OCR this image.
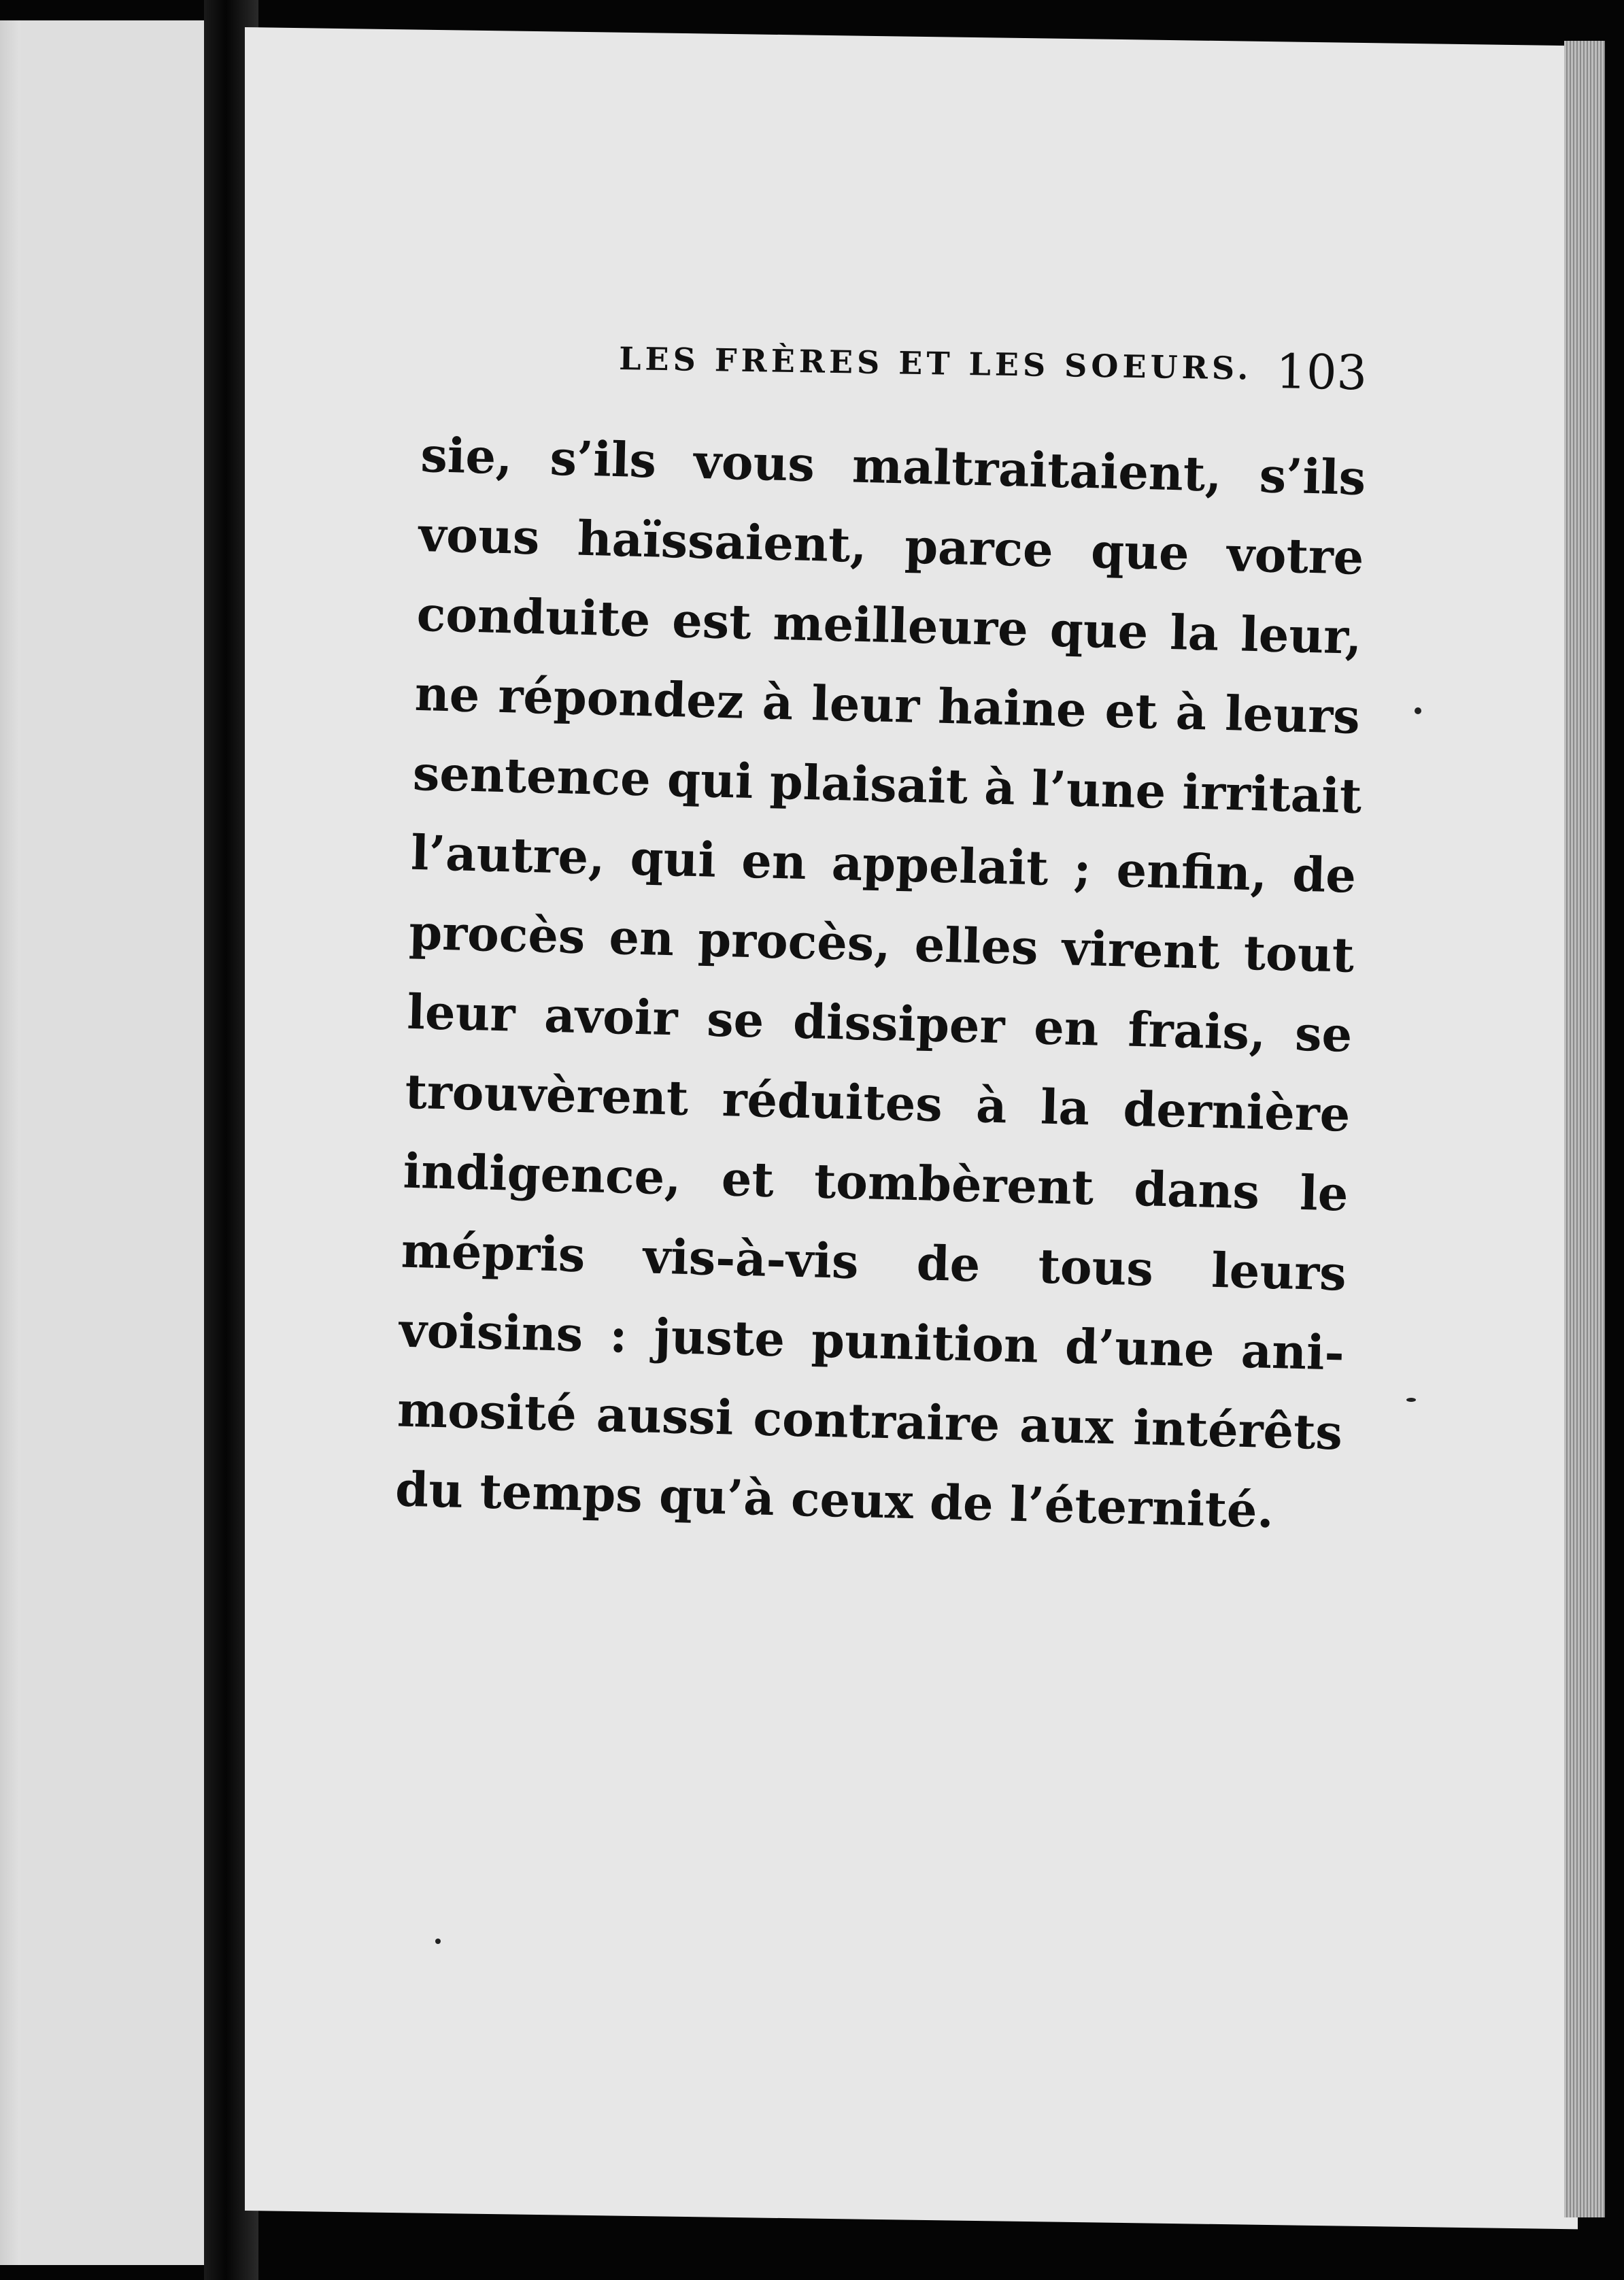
LES FRÈRES ET LES SOEURS. 103
sie, s’ils vous maltraitaient, s’ils
vous haïssaient, parce que votre
conduite est meilleure que la leur,
ne répondez à leur haine et à leurs
sentence qui plaisait à l’une irritait
l’autre, qui en appelait ; enfin, de
procès en procès, elles virent tout
leur avoir se dissiper en frais, se
trouvèrent réduites à la dernière
indigence, et tombèrent dans le
mépris vis-à-vis de tous leurs
voisins : juste punition d’une ani-
mosité aussi contraire aux intérêts
du temps qu’à ceux de l’éternité.
